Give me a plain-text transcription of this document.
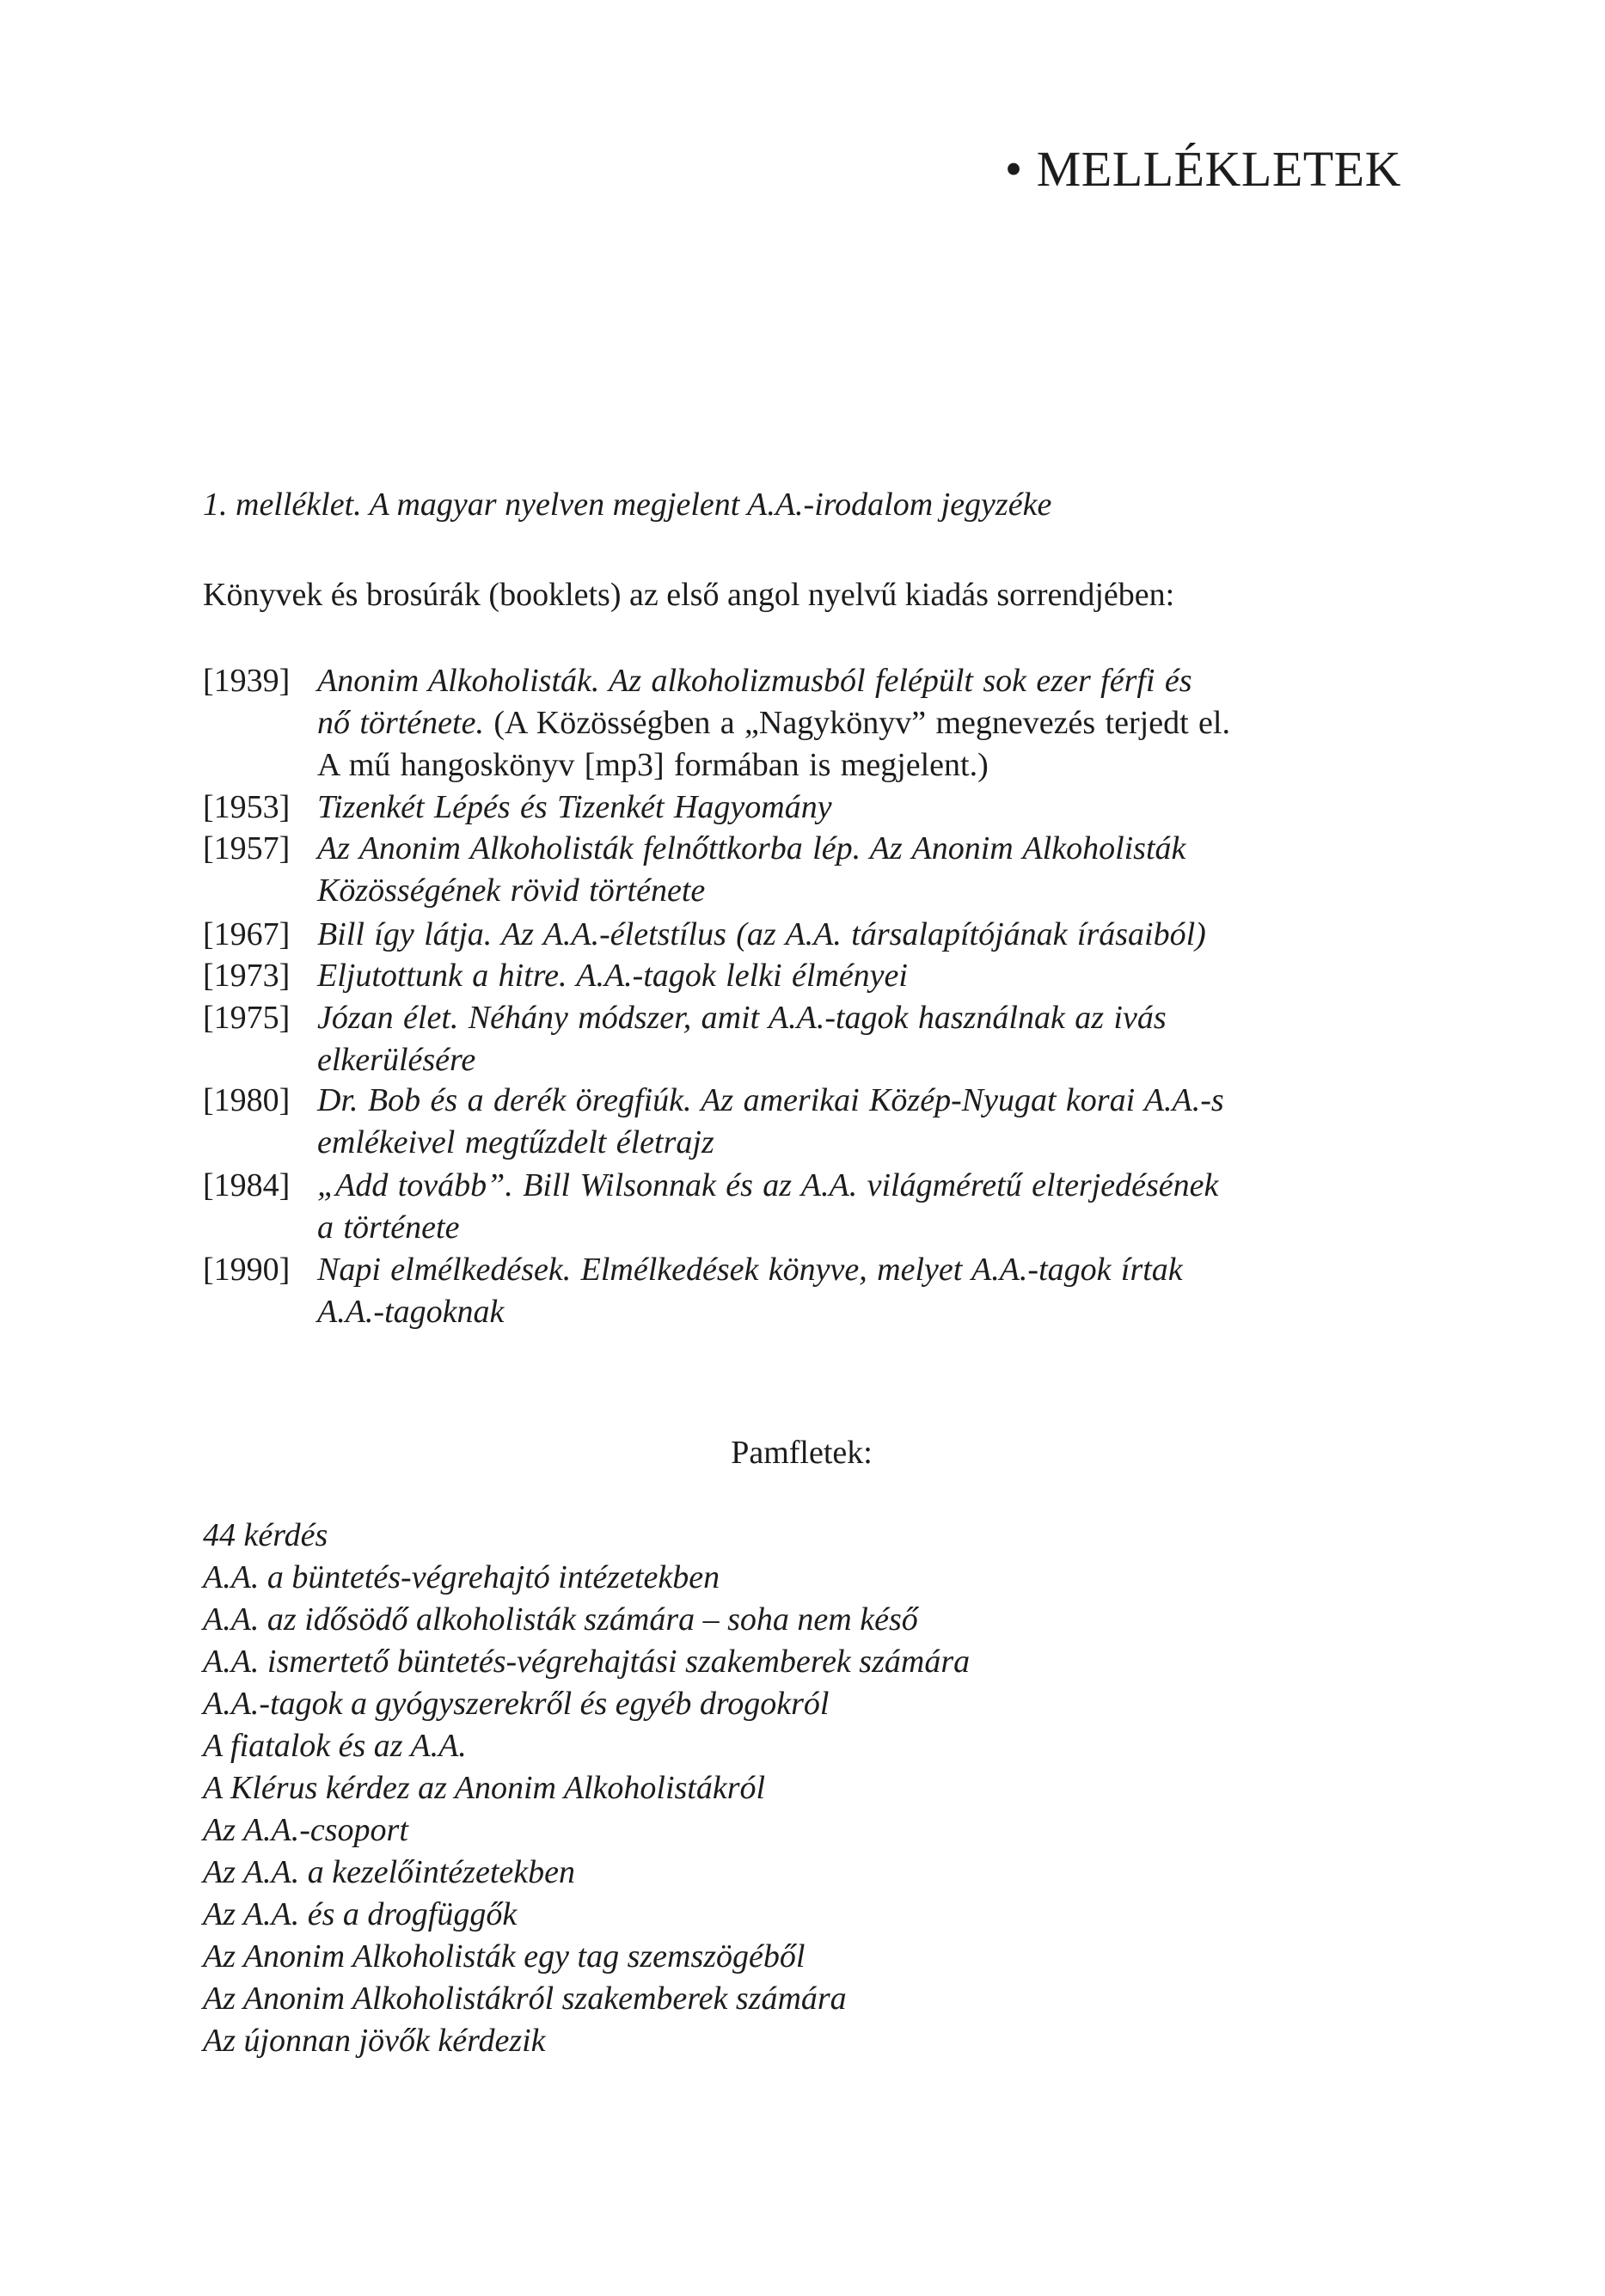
• MELLÉKLETEK
1. melléklet. A magyar nyelven megjelent A.A.-irodalom jegyzéke
Könyvek és brosúrák (booklets) az első angol nyelvű kiadás sorrendjében:
[1939] Anonim Alkoholisták. Az alkoholizmusból felépült sok ezer férfi és
nő története. (A Közösségben a „Nagykönyv” megnevezés terjedt el.
A mű hangoskönyv [mp3] formában is megjelent.)
[1953] Tizenkét Lépés és Tizenkét Hagyomány
[1957] Az Anonim Alkoholisták felnőttkorba lép. Az Anonim Alkoholisták
Közösségének rövid története
[1967] Bill így látja. Az A.A.-életstílus (az A.A. társalapítójának írásaiból)
[1973] Eljutottunk a hitre. A.A.-tagok lelki élményei
[1975] Józan élet. Néhány módszer, amit A.A.-tagok használnak az ivás
elkerülésére
[1980] Dr. Bob és a derék öregfiúk. Az amerikai Közép-Nyugat korai A.A.-s
emlékeivel megtűzdelt életrajz
[1984] „Add tovább”. Bill Wilsonnak és az A.A. világméretű elterjedésének
a története
[1990] Napi elmélkedések. Elmélkedések könyve, melyet A.A.-tagok írtak
A.A.-tagoknak
Pamfletek:
44 kérdés
A.A. a büntetés-végrehajtó intézetekben
A.A. az idősödő alkoholisták számára – soha nem késő
A.A. ismertető büntetés-végrehajtási szakemberek számára
A.A.-tagok a gyógyszerekről és egyéb drogokról
A fiatalok és az A.A.
A Klérus kérdez az Anonim Alkoholistákról
Az A.A.-csoport
Az A.A. a kezelőintézetekben
Az A.A. és a drogfüggők
Az Anonim Alkoholisták egy tag szemszögéből
Az Anonim Alkoholistákról szakemberek számára
Az újonnan jövők kérdezik
